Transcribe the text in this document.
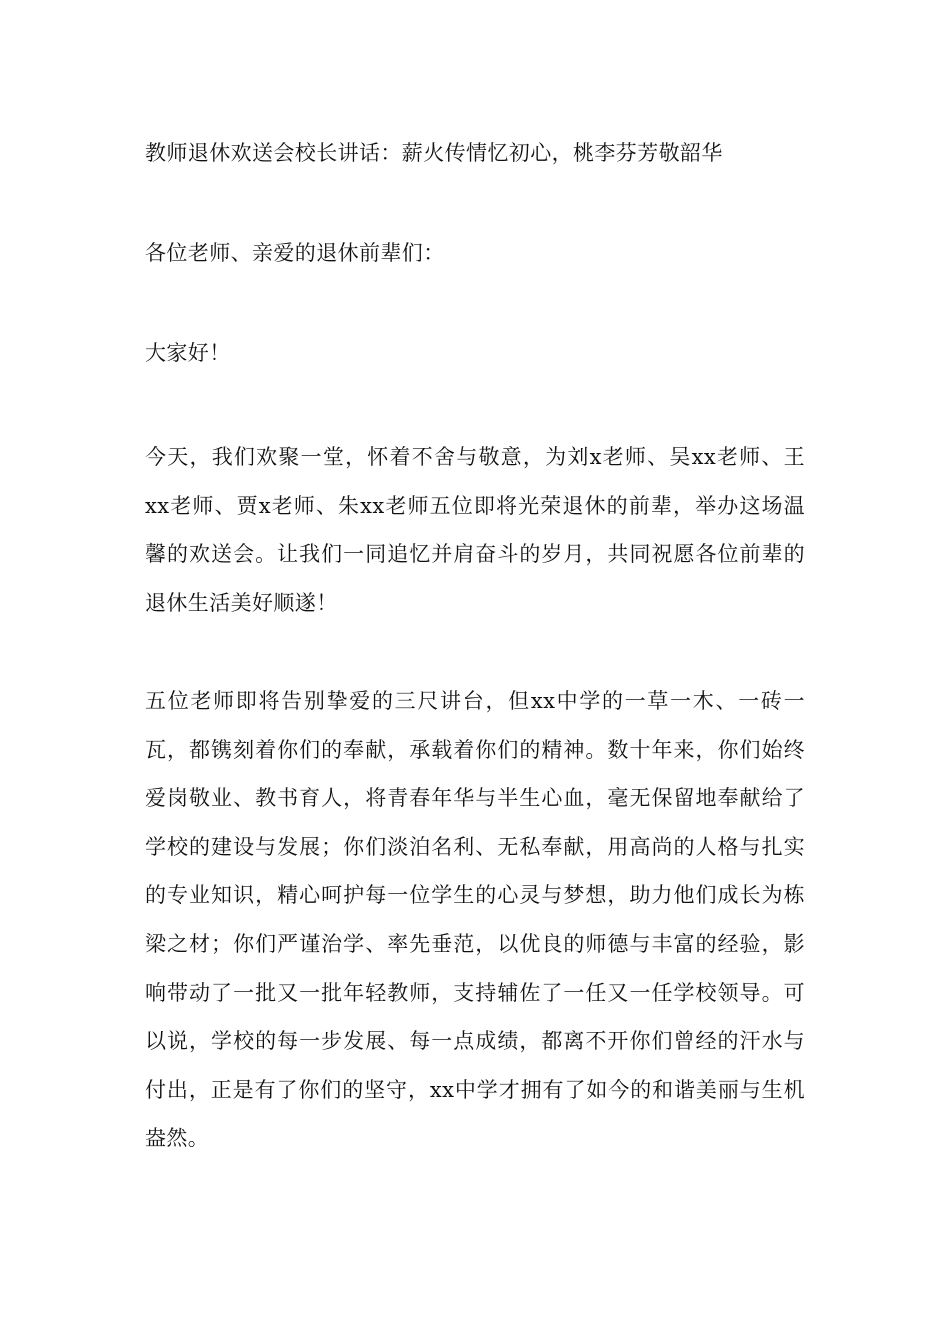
教师退休欢送会校长讲话：薪火传情忆初心，桃李芬芳敬韶华

各位老师、亲爱的退休前辈们：

大家好！

今天，我们欢聚一堂，怀着不舍与敬意，为刘x老师、吴xx老师、王xx老师、贾x老师、朱xx老师五位即将光荣退休的前辈，举办这场温馨的欢送会。让我们一同追忆并肩奋斗的岁月，共同祝愿各位前辈的退休生活美好顺遂！

五位老师即将告别挚爱的三尺讲台，但xx中学的一草一木、一砖一瓦，都镌刻着你们的奉献，承载着你们的精神。数十年来，你们始终爱岗敬业、教书育人，将青春年华与半生心血，毫无保留地奉献给了学校的建设与发展；你们淡泊名利、无私奉献，用高尚的人格与扎实的专业知识，精心呵护每一位学生的心灵与梦想，助力他们成长为栋梁之材；你们严谨治学、率先垂范，以优良的师德与丰富的经验，影响带动了一批又一批年轻教师，支持辅佐了一任又一任学校领导。可以说，学校的每一步发展、每一点成绩，都离不开你们曾经的汗水与付出，正是有了你们的坚守，xx中学才拥有了如今的和谐美丽与生机盎然。
